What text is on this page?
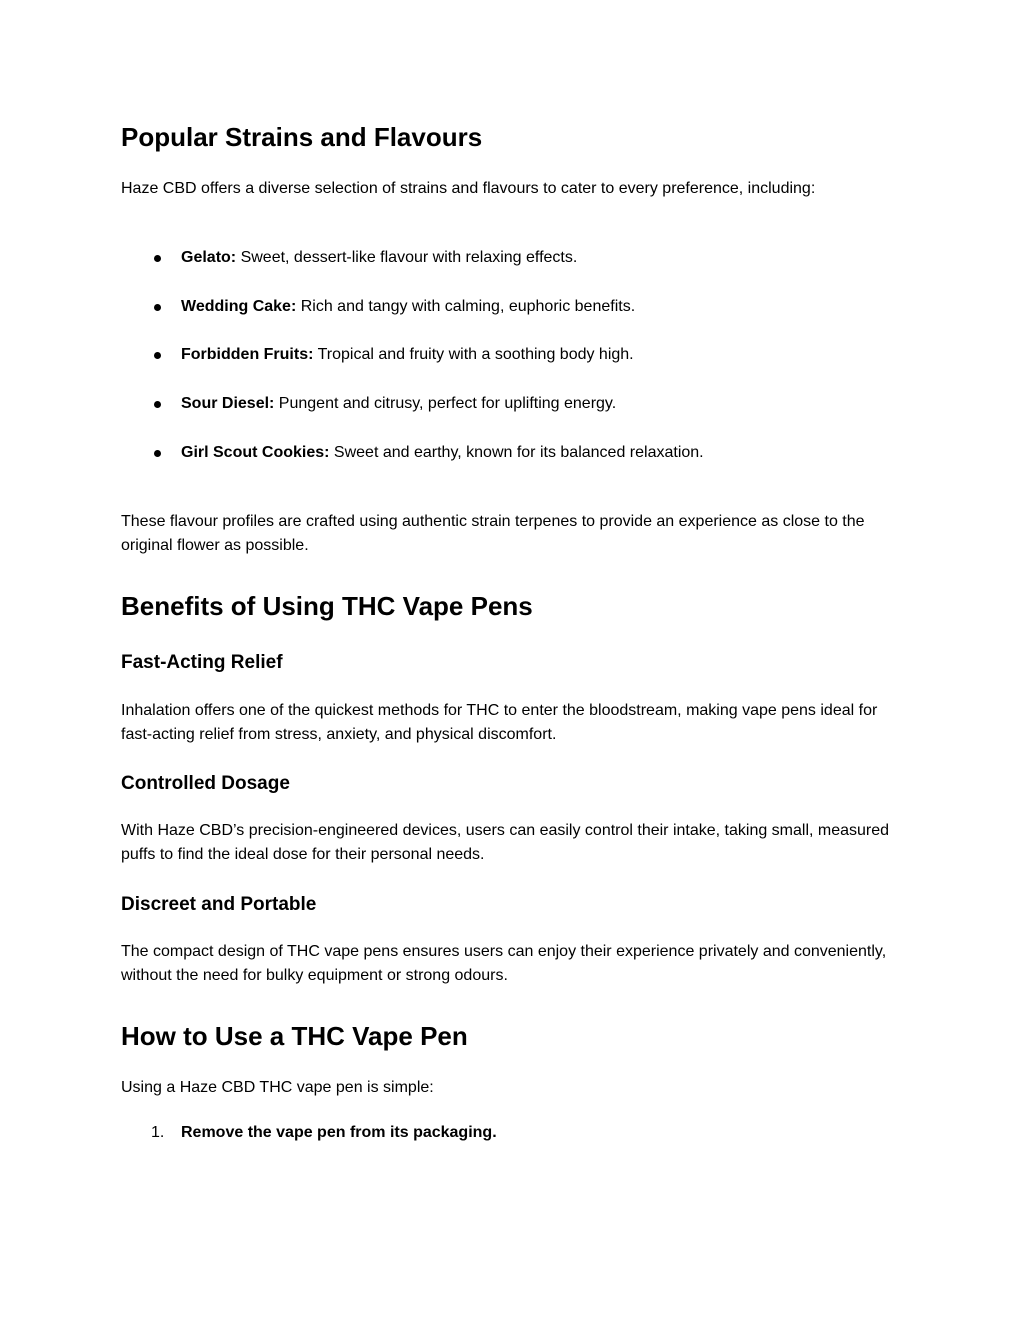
Popular Strains and Flavours

Haze CBD offers a diverse selection of strains and flavours to cater to every preference, including:

Gelato: Sweet, dessert-like flavour with relaxing effects.
Wedding Cake: Rich and tangy with calming, euphoric benefits.
Forbidden Fruits: Tropical and fruity with a soothing body high.
Sour Diesel: Pungent and citrusy, perfect for uplifting energy.
Girl Scout Cookies: Sweet and earthy, known for its balanced relaxation.

These flavour profiles are crafted using authentic strain terpenes to provide an experience as close to the original flower as possible.

Benefits of Using THC Vape Pens
Fast-Acting Relief

Inhalation offers one of the quickest methods for THC to enter the bloodstream, making vape pens ideal for fast-acting relief from stress, anxiety, and physical discomfort.

Controlled Dosage

With Haze CBD’s precision-engineered devices, users can easily control their intake, taking small, measured puffs to find the ideal dose for their personal needs.

Discreet and Portable

The compact design of THC vape pens ensures users can enjoy their experience privately and conveniently, without the need for bulky equipment or strong odours.

How to Use a THC Vape Pen

Using a Haze CBD THC vape pen is simple:

1. Remove the vape pen from its packaging.
